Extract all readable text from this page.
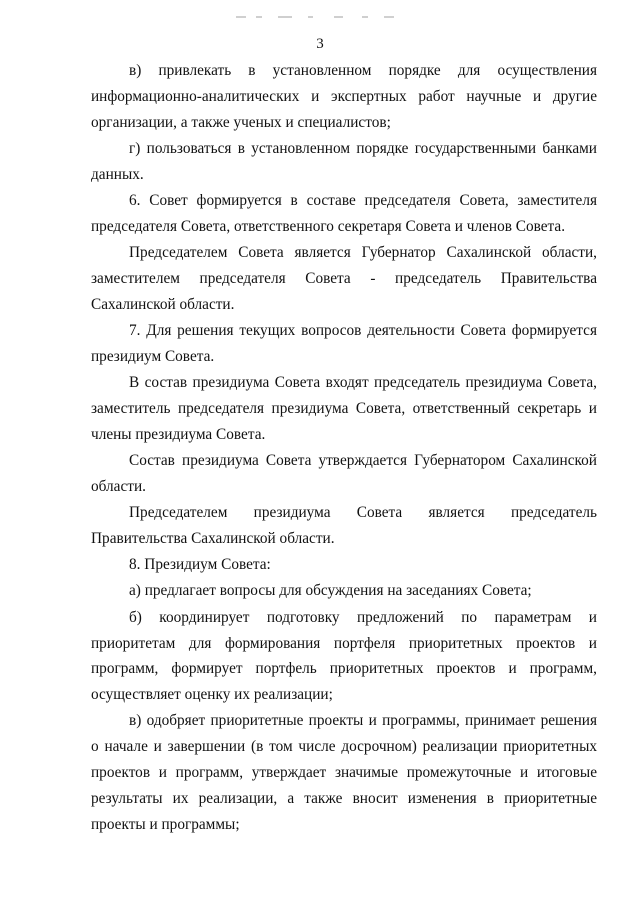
3

в) привлекать в установленном порядке для осуществления информационно-аналитических и экспертных работ научные и другие организации, а также ученых и специалистов;

г) пользоваться в установленном порядке государственными банками данных.

6. Совет формируется в составе председателя Совета, заместителя председателя Совета, ответственного секретаря Совета и членов Совета.

Председателем Совета является Губернатор Сахалинской области, заместителем председателя Совета - председатель Правительства Сахалинской области.

7. Для решения текущих вопросов деятельности Совета формируется президиум Совета.

В состав президиума Совета входят председатель президиума Совета, заместитель председателя президиума Совета, ответственный секретарь и члены президиума Совета.

Состав президиума Совета утверждается Губернатором Сахалинской области.

Председателем президиума Совета является председатель Правительства Сахалинской области.

8. Президиум Совета:

а) предлагает вопросы для обсуждения на заседаниях Совета;

б) координирует подготовку предложений по параметрам и приоритетам для формирования портфеля приоритетных проектов и программ, формирует портфель приоритетных проектов и программ, осуществляет оценку их реализации;

в) одобряет приоритетные проекты и программы, принимает решения о начале и завершении (в том числе досрочном) реализации приоритетных проектов и программ, утверждает значимые промежуточные и итоговые результаты их реализации, а также вносит изменения в приоритетные проекты и программы;
